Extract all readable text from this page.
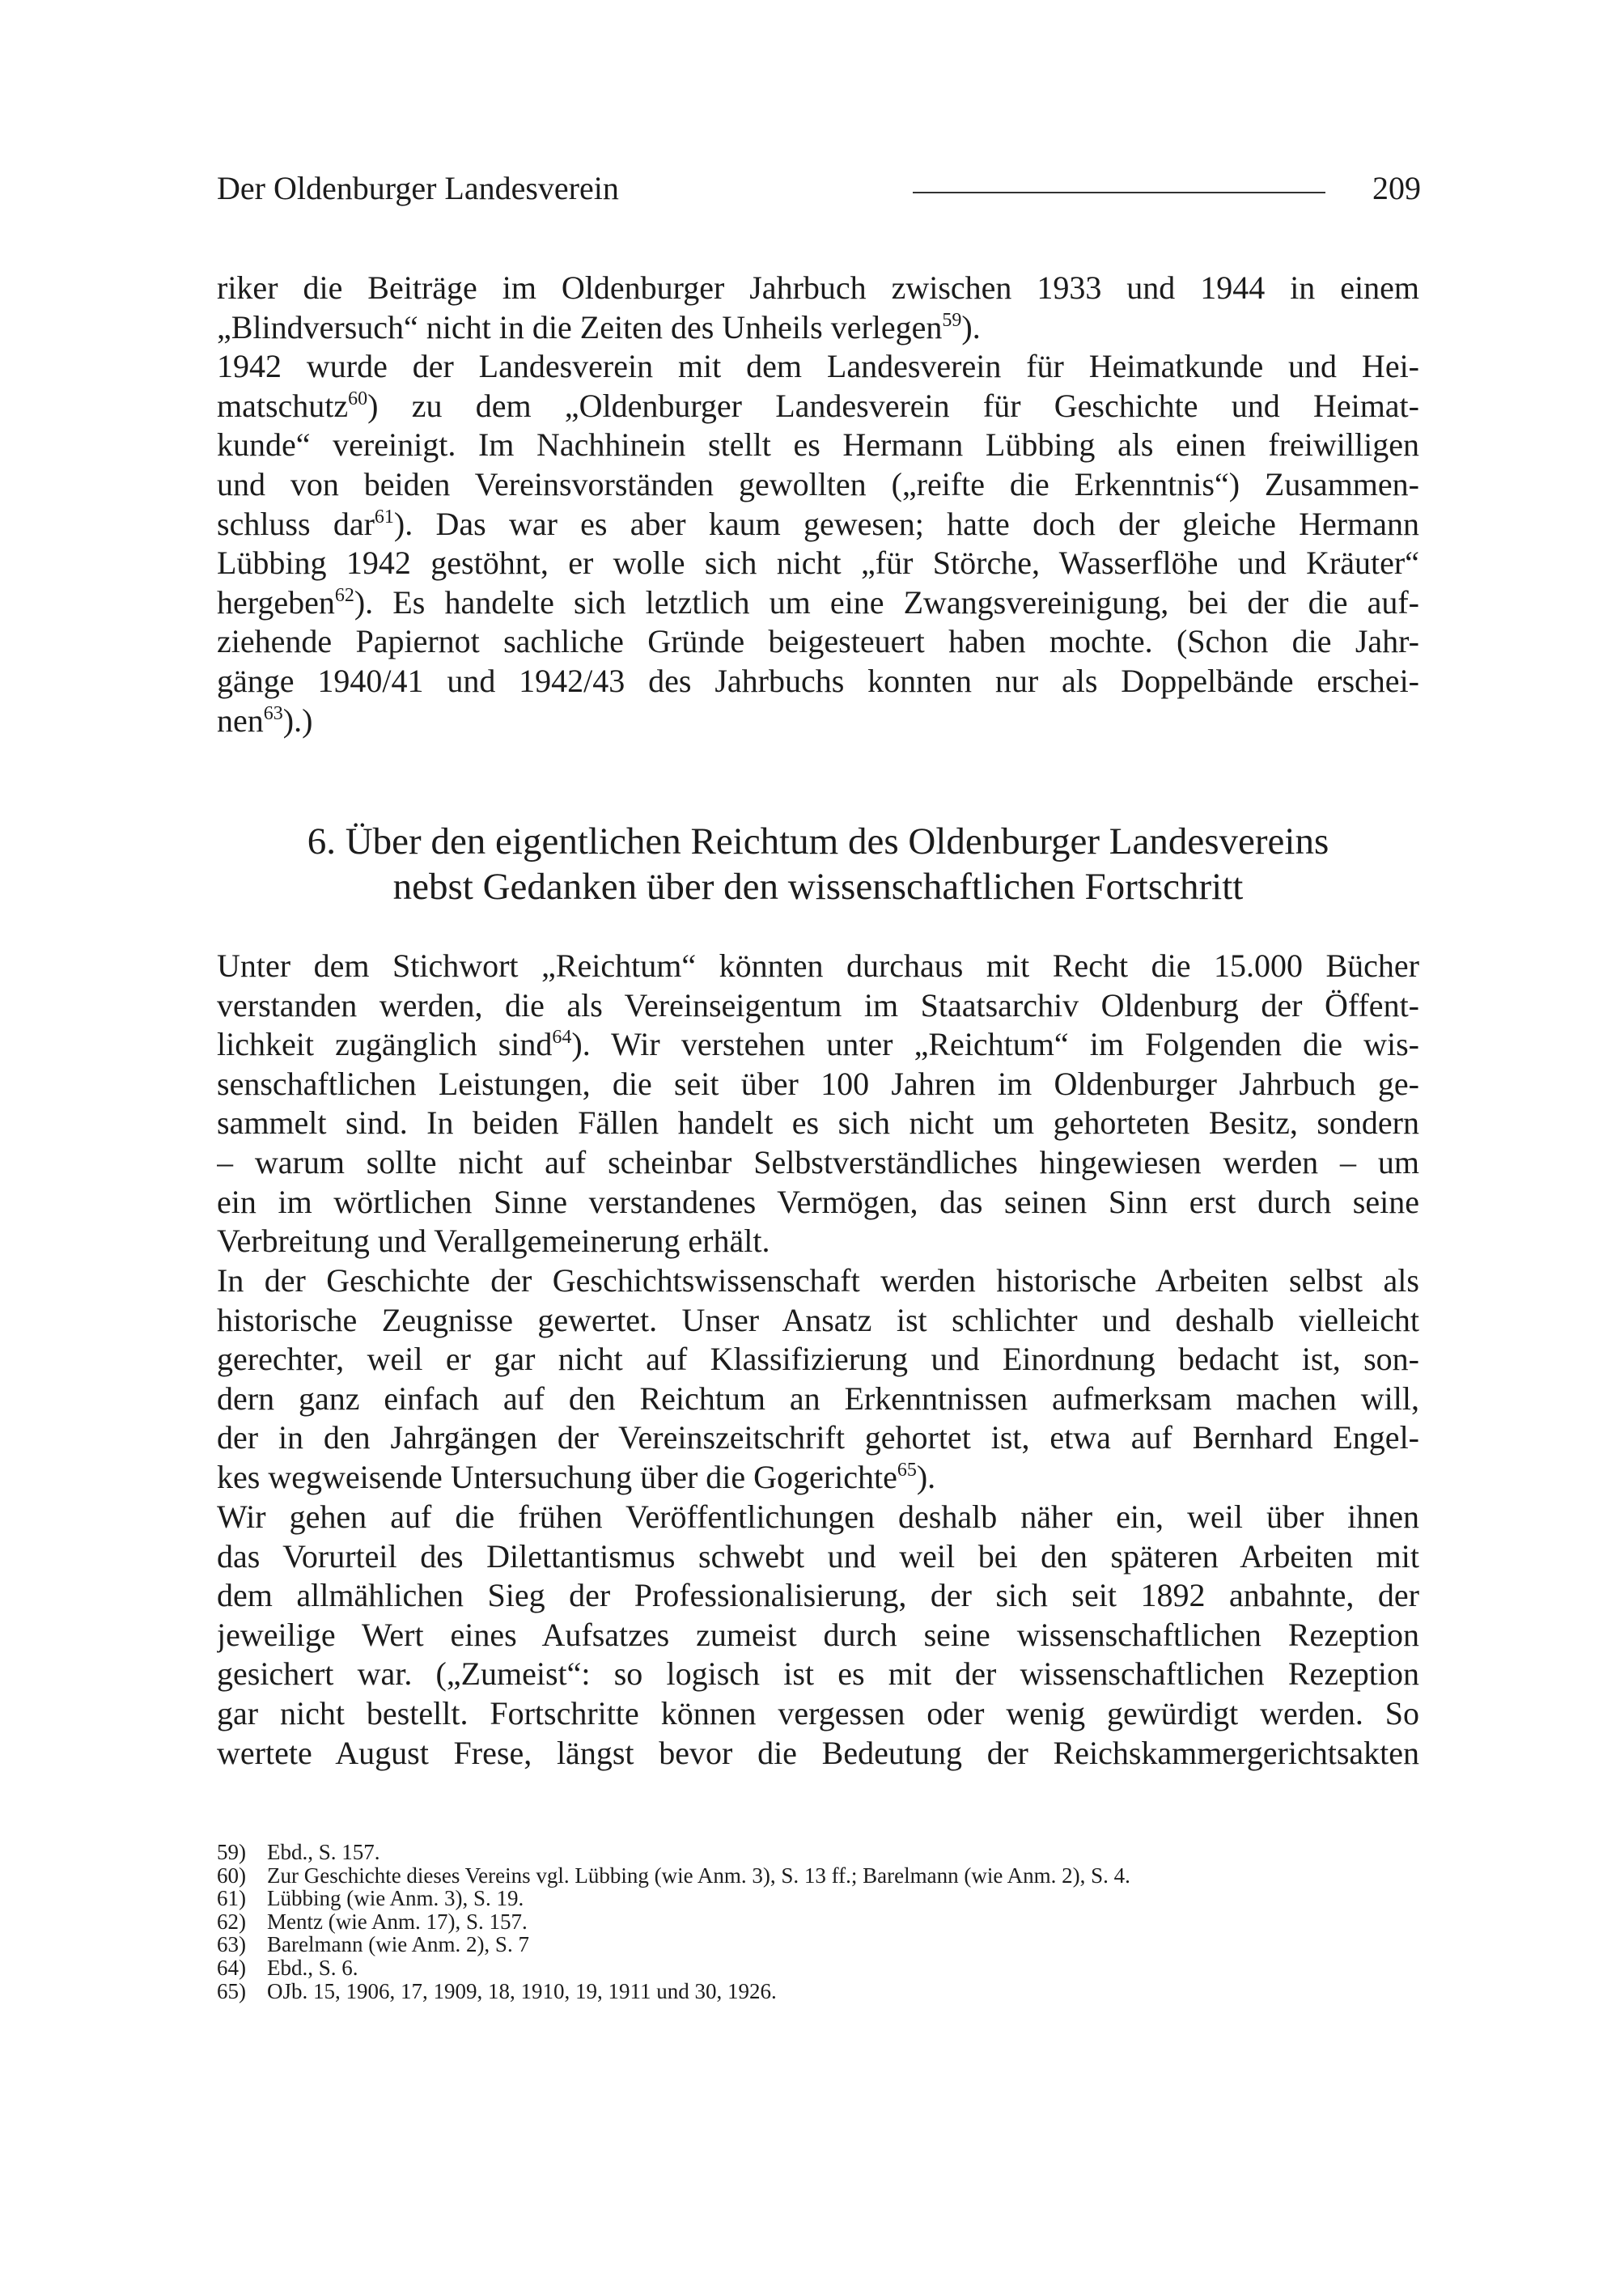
Der Oldenburger Landesverein	209
riker die Beiträge im Oldenburger Jahrbuch zwischen 1933 und 1944 in einem
„Blindversuch“ nicht in die Zeiten des Unheils verlegen$^{59}$).
1942 wurde der Landesverein mit dem Landesverein für Heimatkunde und Hei-
matschutz$^{60}$) zu dem „Oldenburger Landesverein für Geschichte und Heimat-
kunde“ vereinigt. Im Nachhinein stellt es Hermann Lübbing als einen freiwilligen
und von beiden Vereinsvorständen gewollten („reifte die Erkenntnis“) Zusammen-
schluss dar$^{61}$). Das war es aber kaum gewesen; hatte doch der gleiche Hermann
Lübbing 1942 gestöhnt, er wolle sich nicht „für Störche, Wasserflöhe und Kräuter“
hergeben$^{62}$). Es handelte sich letztlich um eine Zwangsvereinigung, bei der die auf-
ziehende Papiernot sachliche Gründe beigesteuert haben mochte. (Schon die Jahr-
gänge 1940/41 und 1942/43 des Jahrbuchs konnten nur als Doppelbände erschei-
nen$^{63}$).)
6. Über den eigentlichen Reichtum des Oldenburger Landesvereins
nebst Gedanken über den wissenschaftlichen Fortschritt
Unter dem Stichwort „Reichtum“ könnten durchaus mit Recht die 15.000 Bücher
verstanden werden, die als Vereinseigentum im Staatsarchiv Oldenburg der Öffent-
lichkeit zugänglich sind$^{64}$). Wir verstehen unter „Reichtum“ im Folgenden die wis-
senschaftlichen Leistungen, die seit über 100 Jahren im Oldenburger Jahrbuch ge-
sammelt sind. In beiden Fällen handelt es sich nicht um gehorteten Besitz, sondern
– warum sollte nicht auf scheinbar Selbstverständliches hingewiesen werden – um
ein im wörtlichen Sinne verstandenes Vermögen, das seinen Sinn erst durch seine
Verbreitung und Verallgemeinerung erhält.
In der Geschichte der Geschichtswissenschaft werden historische Arbeiten selbst als
historische Zeugnisse gewertet. Unser Ansatz ist schlichter und deshalb vielleicht
gerechter, weil er gar nicht auf Klassifizierung und Einordnung bedacht ist, son-
dern ganz einfach auf den Reichtum an Erkenntnissen aufmerksam machen will,
der in den Jahrgängen der Vereinszeitschrift gehortet ist, etwa auf Bernhard Engel-
kes wegweisende Untersuchung über die Gogerichte$^{65}$).
Wir gehen auf die frühen Veröffentlichungen deshalb näher ein, weil über ihnen
das Vorurteil des Dilettantismus schwebt und weil bei den späteren Arbeiten mit
dem allmählichen Sieg der Professionalisierung, der sich seit 1892 anbahnte, der
jeweilige Wert eines Aufsatzes zumeist durch seine wissenschaftlichen Rezeption
gesichert war. („Zumeist“: so logisch ist es mit der wissenschaftlichen Rezeption
gar nicht bestellt. Fortschritte können vergessen oder wenig gewürdigt werden. So
wertete August Frese, längst bevor die Bedeutung der Reichskammergerichtsakten
59) Ebd., S. 157.
60) Zur Geschichte dieses Vereins vgl. Lübbing (wie Anm. 3), S. 13 ff.; Barelmann (wie Anm. 2), S. 4.
61) Lübbing (wie Anm. 3), S. 19.
62) Mentz (wie Anm. 17), S. 157.
63) Barelmann (wie Anm. 2), S. 7
64) Ebd., S. 6.
65) OJb. 15, 1906, 17, 1909, 18, 1910, 19, 1911 und 30, 1926.
